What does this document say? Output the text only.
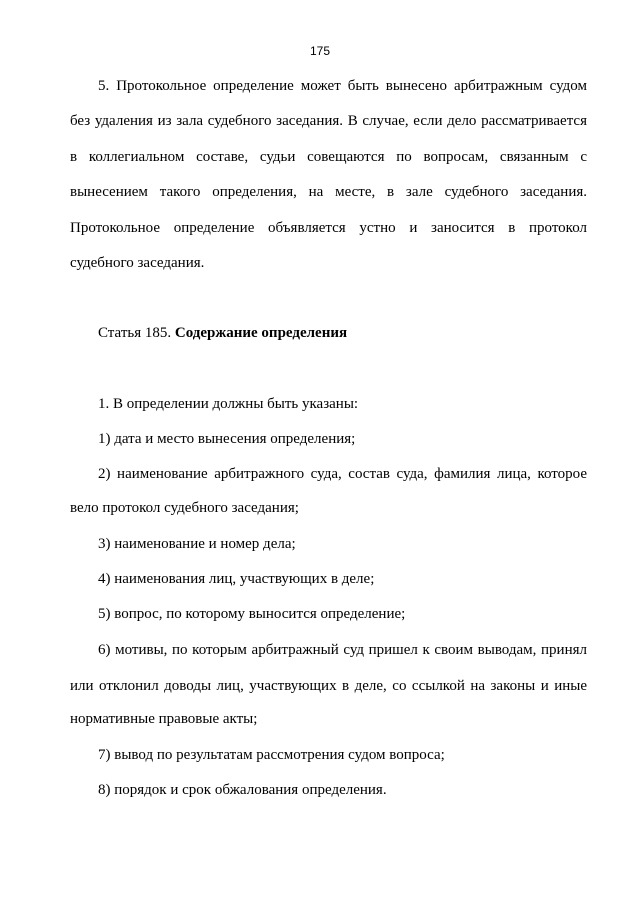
175
5. Протокольное определение может быть вынесено арбитражным судом
без удаления из зала судебного заседания. В случае, если дело рассматривается
в коллегиальном составе, судьи совещаются по вопросам, связанным с
вынесением такого определения, на месте, в зале судебного заседания.
Протокольное определение объявляется устно и заносится в протокол
судебного заседания.
Статья 185. Содержание определения
1. В определении должны быть указаны:
1) дата и место вынесения определения;
2) наименование арбитражного суда, состав суда, фамилия лица, которое
вело протокол судебного заседания;
3) наименование и номер дела;
4) наименования лиц, участвующих в деле;
5) вопрос, по которому выносится определение;
6) мотивы, по которым арбитражный суд пришел к своим выводам, принял
или отклонил доводы лиц, участвующих в деле, со ссылкой на законы и иные
нормативные правовые акты;
7) вывод по результатам рассмотрения судом вопроса;
8) порядок и срок обжалования определения.
